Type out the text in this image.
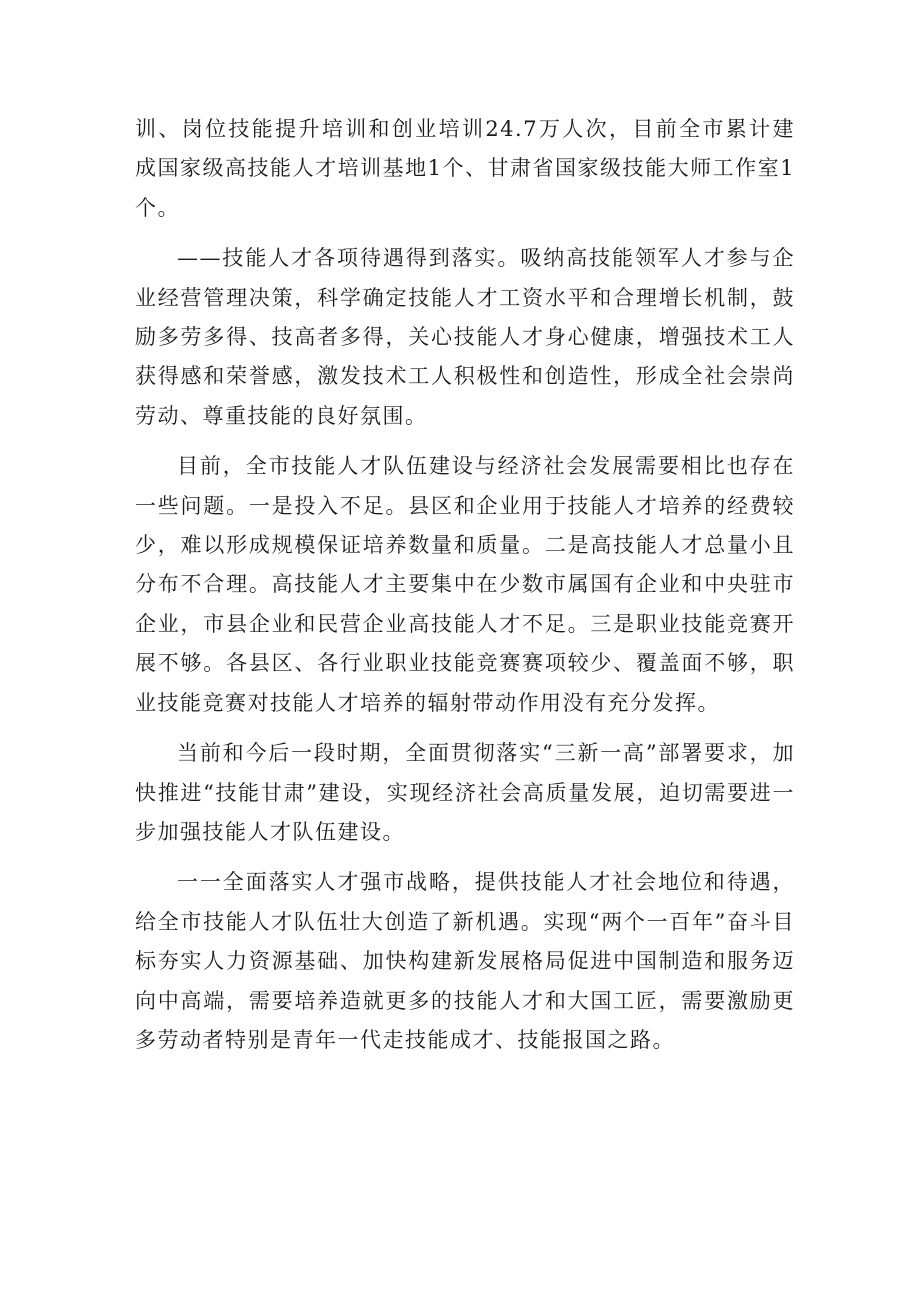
训、岗位技能提升培训和创业培训24.7万人次，目前全市累计建成国家级高技能人才培训基地1个、甘肃省国家级技能大师工作室1个。

——技能人才各项待遇得到落实。吸纳高技能领军人才参与企业经营管理决策，科学确定技能人才工资水平和合理增长机制，鼓励多劳多得、技高者多得，关心技能人才身心健康，增强技术工人获得感和荣誉感，激发技术工人积极性和创造性，形成全社会崇尚劳动、尊重技能的良好氛围。

目前，全市技能人才队伍建设与经济社会发展需要相比也存在一些问题。一是投入不足。县区和企业用于技能人才培养的经费较少，难以形成规模保证培养数量和质量。二是高技能人才总量小且分布不合理。高技能人才主要集中在少数市属国有企业和中央驻市企业，市县企业和民营企业高技能人才不足。三是职业技能竞赛开展不够。各县区、各行业职业技能竞赛赛项较少、覆盖面不够，职业技能竞赛对技能人才培养的辐射带动作用没有充分发挥。

当前和今后一段时期，全面贯彻落实“三新一高”部署要求，加快推进“技能甘肃”建设，实现经济社会高质量发展，迫切需要进一步加强技能人才队伍建设。

一一全面落实人才强市战略，提供技能人才社会地位和待遇，给全市技能人才队伍壮大创造了新机遇。实现“两个一百年”奋斗目标夯实人力资源基础、加快构建新发展格局促进中国制造和服务迈向中高端，需要培养造就更多的技能人才和大国工匠，需要激励更多劳动者特别是青年一代走技能成才、技能报国之路。
